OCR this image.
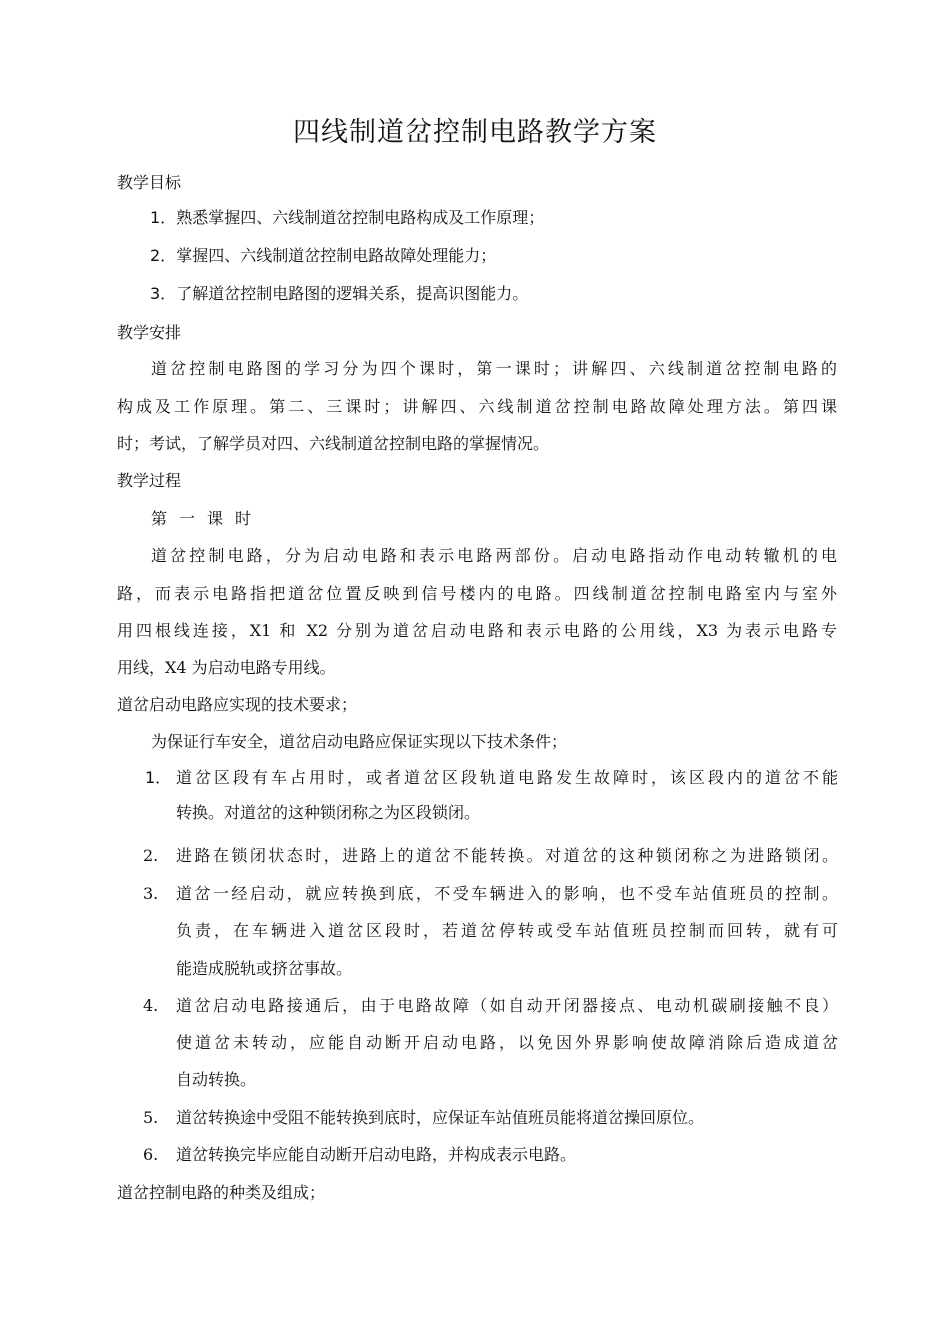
四线制道岔控制电路教学方案
教学目标
1．熟悉掌握四、六线制道岔控制电路构成及工作原理；
2．掌握四、六线制道岔控制电路故障处理能力；
3．了解道岔控制电路图的逻辑关系，提高识图能力。
教学安排
道岔控制电路图的学习分为四个课时，第一课时；讲解四、六线制道岔控制电路的
构成及工作原理。第二、三课时；讲解四、六线制道岔控制电路故障处理方法。第四课
时；考试，了解学员对四、六线制道岔控制电路的掌握情况。
教学过程
第一课时
道岔控制电路，分为启动电路和表示电路两部份。启动电路指动作电动转辙机的电
路，而表示电路指把道岔位置反映到信号楼内的电路。四线制道岔控制电路室内与室外
用四根线连接，X1 和 X2 分别为道岔启动电路和表示电路的公用线，X3 为表示电路专
用线，X4 为启动电路专用线。
道岔启动电路应实现的技术要求；
为保证行车安全，道岔启动电路应保证实现以下技术条件；
1． 道岔区段有车占用时，或者道岔区段轨道电路发生故障时，该区段内的道岔不能
转换。对道岔的这种锁闭称之为区段锁闭。
2. 进路在锁闭状态时，进路上的道岔不能转换。对道岔的这种锁闭称之为进路锁闭。
3. 道岔一经启动，就应转换到底，不受车辆进入的影响，也不受车站值班员的控制。
负责，在车辆进入道岔区段时，若道岔停转或受车站值班员控制而回转，就有可
能造成脱轨或挤岔事故。
4. 道岔启动电路接通后，由于电路故障（如自动开闭器接点、电动机碳刷接触不良）
使道岔未转动，应能自动断开启动电路，以免因外界影响使故障消除后造成道岔
自动转换。
5. 道岔转换途中受阻不能转换到底时，应保证车站值班员能将道岔操回原位。
6. 道岔转换完毕应能自动断开启动电路，并构成表示电路。
道岔控制电路的种类及组成；
